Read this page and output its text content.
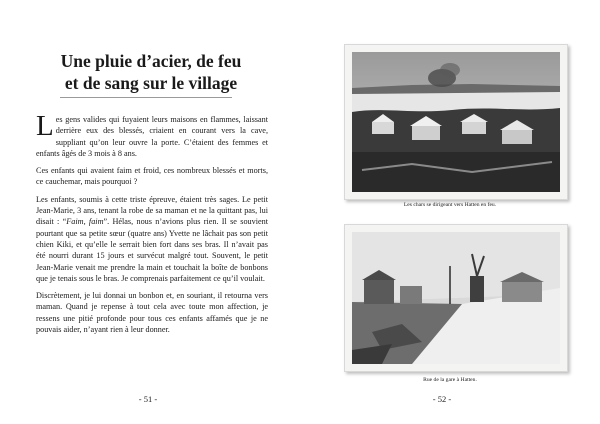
Une pluie d’acier, de feu
et de sang sur le village

Les gens valides qui fuyaient leurs maisons en flammes, laissant derrière eux des blessés, criaient en courant vers la cave, suppliant qu’on leur ouvre la porte. C’étaient des femmes et enfants âgés de 3 mois à 8 ans.

Ces enfants qui avaient faim et froid, ces nombreux blessés et morts, ce cauchemar, mais pourquoi ?

Les enfants, soumis à cette triste épreuve, étaient très sages. Le petit Jean-Marie, 3 ans, tenant la robe de sa maman et ne la quittant pas, lui disait : “Faim, faim”. Hélas, nous n’avions plus rien. Il se souvient pourtant que sa petite sœur (quatre ans) Yvette ne lâchait pas son petit chien Kiki, et qu’elle le serrait bien fort dans ses bras. Il n’avait pas été nourri durant 15 jours et survécut malgré tout. Souvent, le petit Jean-Marie venait me prendre la main et touchait la boîte de bonbons que je tenais sous le bras. Je comprenais parfaitement ce qu’il voulait.

Discrètement, je lui donnai un bonbon et, en souriant, il retourna vers maman. Quand je repense à tout cela avec toute mon affection, je ressens une pitié profonde pour tous ces enfants affamés que je ne pouvais aider, n’ayant rien à leur donner.

- 51 -
Les chars se dirigeant vers Hatten en feu.
Rue de la gare à Hatten.
- 52 -
